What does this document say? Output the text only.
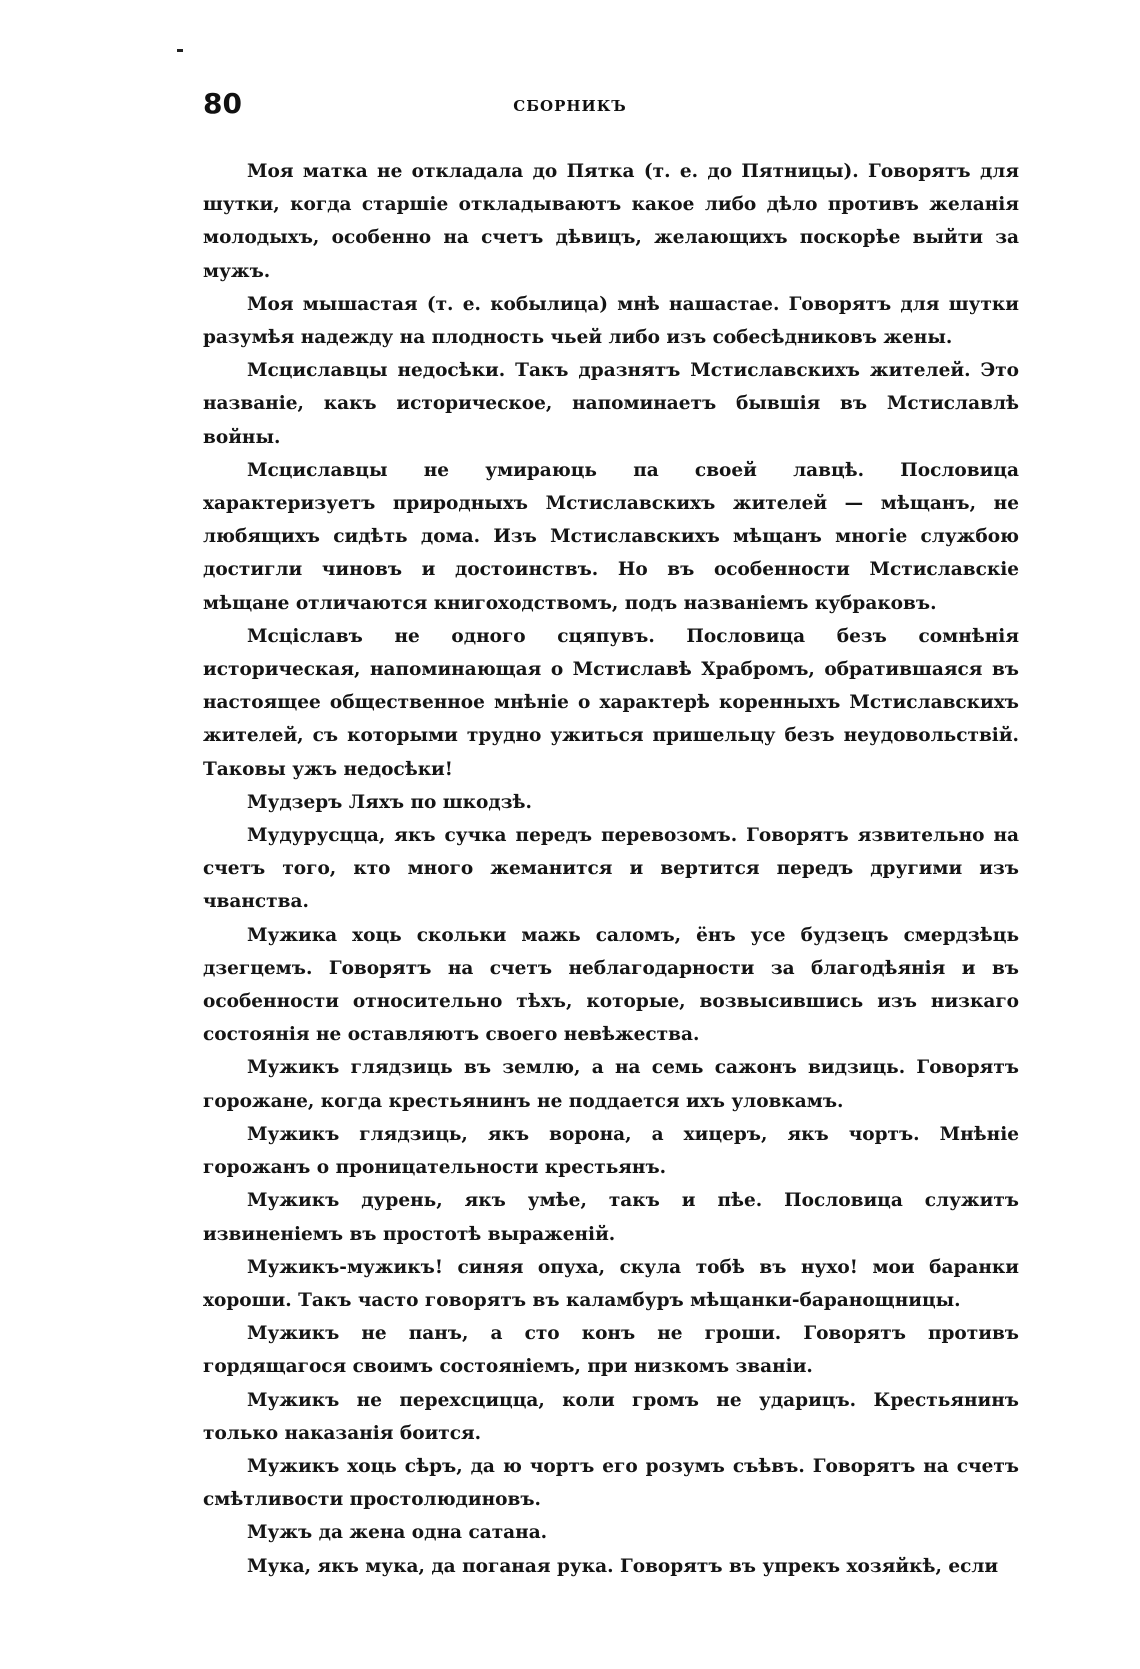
80	СБОРНИКЪ

Моя матка не откладала до Пятка (т. е. до Пятницы). Говорятъ для шутки, когда старшіе откладываютъ какое либо дѣло противъ желанія молодыхъ, особенно на счетъ дѣвицъ, желающихъ поскорѣе выйти за мужъ.

Моя мышастая (т. е. кобылица) мнѣ нашастае. Говорятъ для шутки разумѣя надежду на плодность чьей либо изъ собесѣдниковъ жены.

Мсциславцы недосѣки. Такъ дразнятъ Мстиславскихъ жителей. Это названіе, какъ историческое, напоминаетъ бывшія въ Мстиславлѣ войны.

Мсциславцы не умираюць па своей лавцѣ. Пословица характеризуетъ природныхъ Мстиславскихъ жителей — мѣщанъ, не любящихъ сидѣть дома. Изъ Мстиславскихъ мѣщанъ многіе службою достигли чиновъ и достоинствъ. Но въ особенности Мстиславскіе мѣщане отличаются книгоходствомъ, подъ названіемъ кубраковъ.

Мсцiславъ не одного сцяпувъ. Пословица безъ сомнѣнія историческая, напоминающая о Мстиславѣ Храбромъ, обратившаяся въ настоящее общественное мнѣніе о характерѣ коренныхъ Мстиславскихъ жителей, съ которыми трудно ужиться пришельцу безъ неудовольствій. Таковы ужъ недосѣки!

Мудзеръ Ляхъ по шкодзѣ.

Мудурусцца, якъ сучка передъ перевозомъ. Говорятъ язвительно на счетъ того, кто много жеманится и вертится передъ другими изъ чванства.

Мужика хоць скольки мажь саломъ, ёнъ усе будзецъ смердзѣць дзегцемъ. Говорятъ на счетъ неблагодарности за благодѣянія и въ особенности относительно тѣхъ, которые, возвысившись изъ низкаго состоянія не оставляютъ своего невѣжества.

Мужикъ глядзиць въ землю, а на семь сажонъ видзиць. Говорятъ горожане, когда крестьянинъ не поддается ихъ уловкамъ.

Мужикъ глядзиць, якъ ворона, а хицеръ, якъ чортъ. Мнѣніе горожанъ о проницательности крестьянъ.

Мужикъ дурень, якъ умѣе, такъ и пѣе. Пословица служитъ извиненіемъ въ простотѣ выраженій.

Мужикъ-мужикъ! синяя опуха, скула тобѣ въ нухо! мои баранки хороши. Такъ часто говорятъ въ каламбуръ мѣщанки-баранощницы.

Мужикъ не панъ, а сто конъ не гроши. Говорятъ противъ гордящагося своимъ состояніемъ, при низкомъ званіи.

Мужикъ не перехсцицца, коли громъ не ударицъ. Крестьянинъ только наказанія боится.

Мужикъ хоць сѣръ, да ю чортъ его розумъ съѣвъ. Говорятъ на счетъ смѣтливости простолюдиновъ.

Мужъ да жена одна сатана.

Мука, якъ мука, да поганая рука. Говорятъ въ упрекъ хозяйкѣ, если
